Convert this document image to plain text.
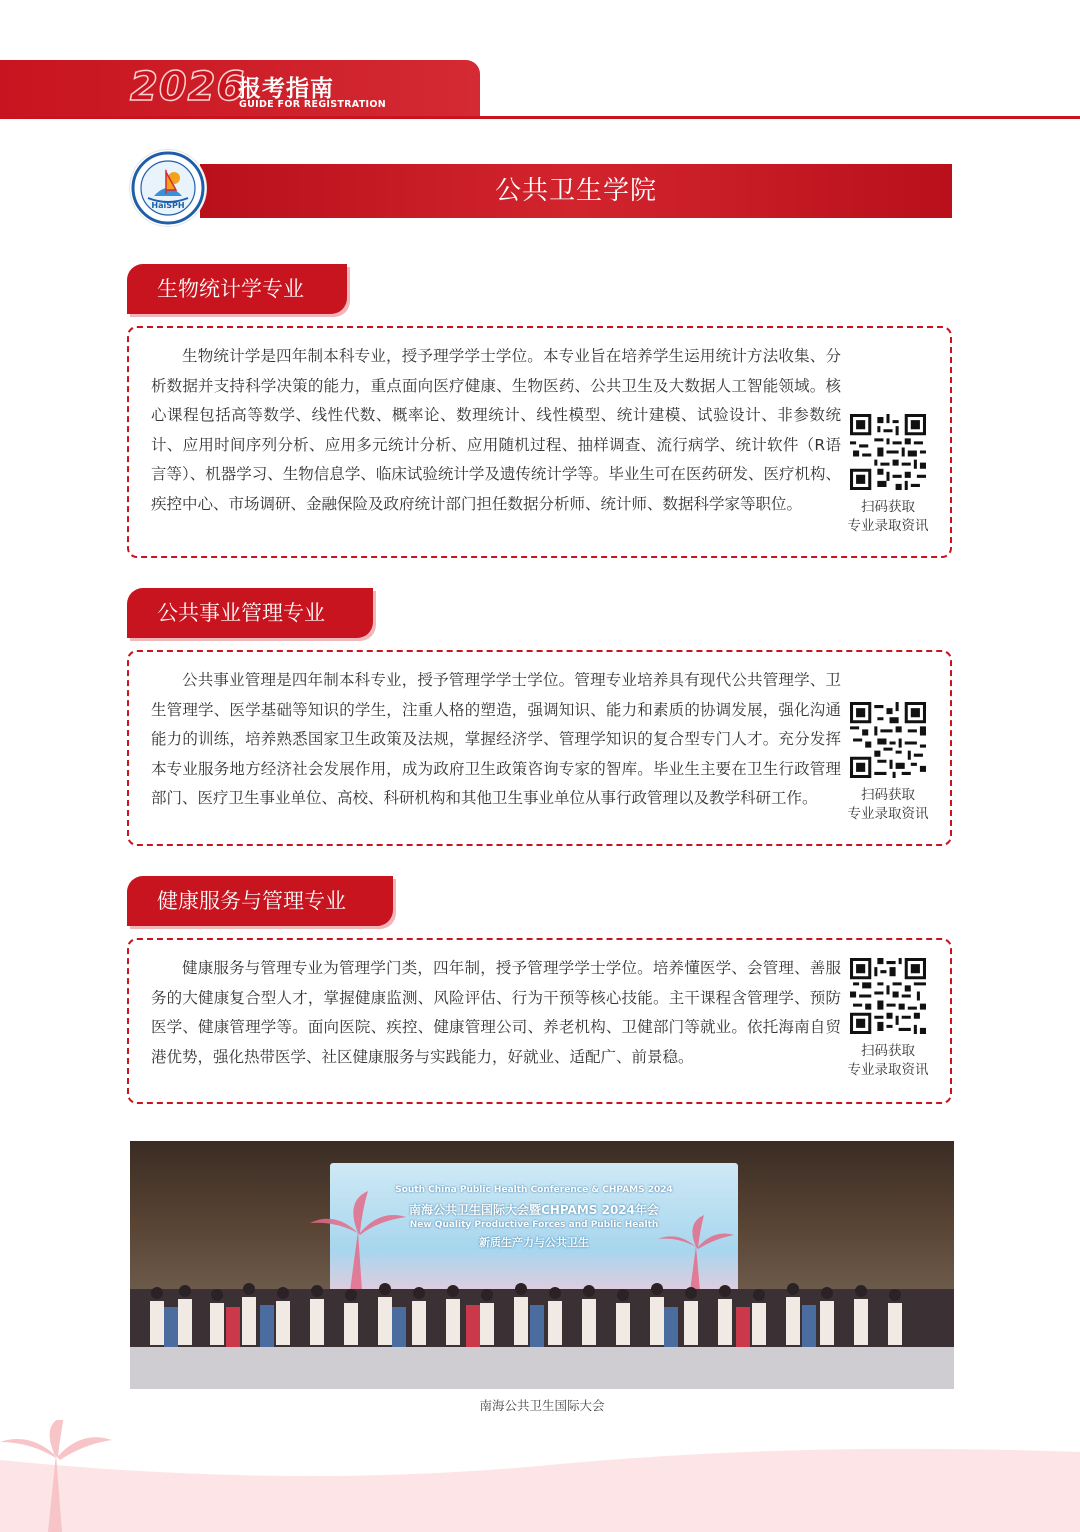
2026
报考指南
GUIDE FOR REGISTRATION
公共卫生学院
HaiSPH
生物统计学专业

生物统计学是四年制本科专业，授予理学学士学位。本专业旨在培养学生运用统计方法收集、分析数据并支持科学决策的能力，重点面向医疗健康、生物医药、公共卫生及大数据人工智能领域。核心课程包括高等数学、线性代数、概率论、数理统计、线性模型、统计建模、试验设计、非参数统计、应用时间序列分析、应用多元统计分析、应用随机过程、抽样调查、流行病学、统计软件（R语言等）、机器学习、生物信息学、临床试验统计学及遗传统计学等。毕业生可在医药研发、医疗机构、疾控中心、市场调研、金融保险及政府统计部门担任数据分析师、统计师、数据科学家等职位。	扫码获取
专业录取资讯
公共事业管理专业

公共事业管理是四年制本科专业，授予管理学学士学位。管理专业培养具有现代公共管理学、卫生管理学、医学基础等知识的学生，注重人格的塑造，强调知识、能力和素质的协调发展，强化沟通能力的训练，培养熟悉国家卫生政策及法规，掌握经济学、管理学知识的复合型专门人才。充分发挥本专业服务地方经济社会发展作用，成为政府卫生政策咨询专家的智库。毕业生主要在卫生行政管理部门、医疗卫生事业单位、高校、科研机构和其他卫生事业单位从事行政管理以及教学科研工作。	扫码获取
专业录取资讯
健康服务与管理专业

健康服务与管理专业为管理学门类，四年制，授予管理学学士学位。培养懂医学、会管理、善服务的大健康复合型人才，掌握健康监测、风险评估、行为干预等核心技能。主干课程含管理学、预防医学、健康管理学等。面向医院、疾控、健康管理公司、养老机构、卫健部门等就业。依托海南自贸港优势，强化热带医学、社区健康服务与实践能力，好就业、适配广、前景稳。	扫码获取
专业录取资讯
South China Public Health Conference & CHPAMS 2024
南海公共卫生国际大会暨CHPAMS 2024年会
New Quality Productive Forces and Public Health
新质生产力与公共卫生
南海公共卫生国际大会
